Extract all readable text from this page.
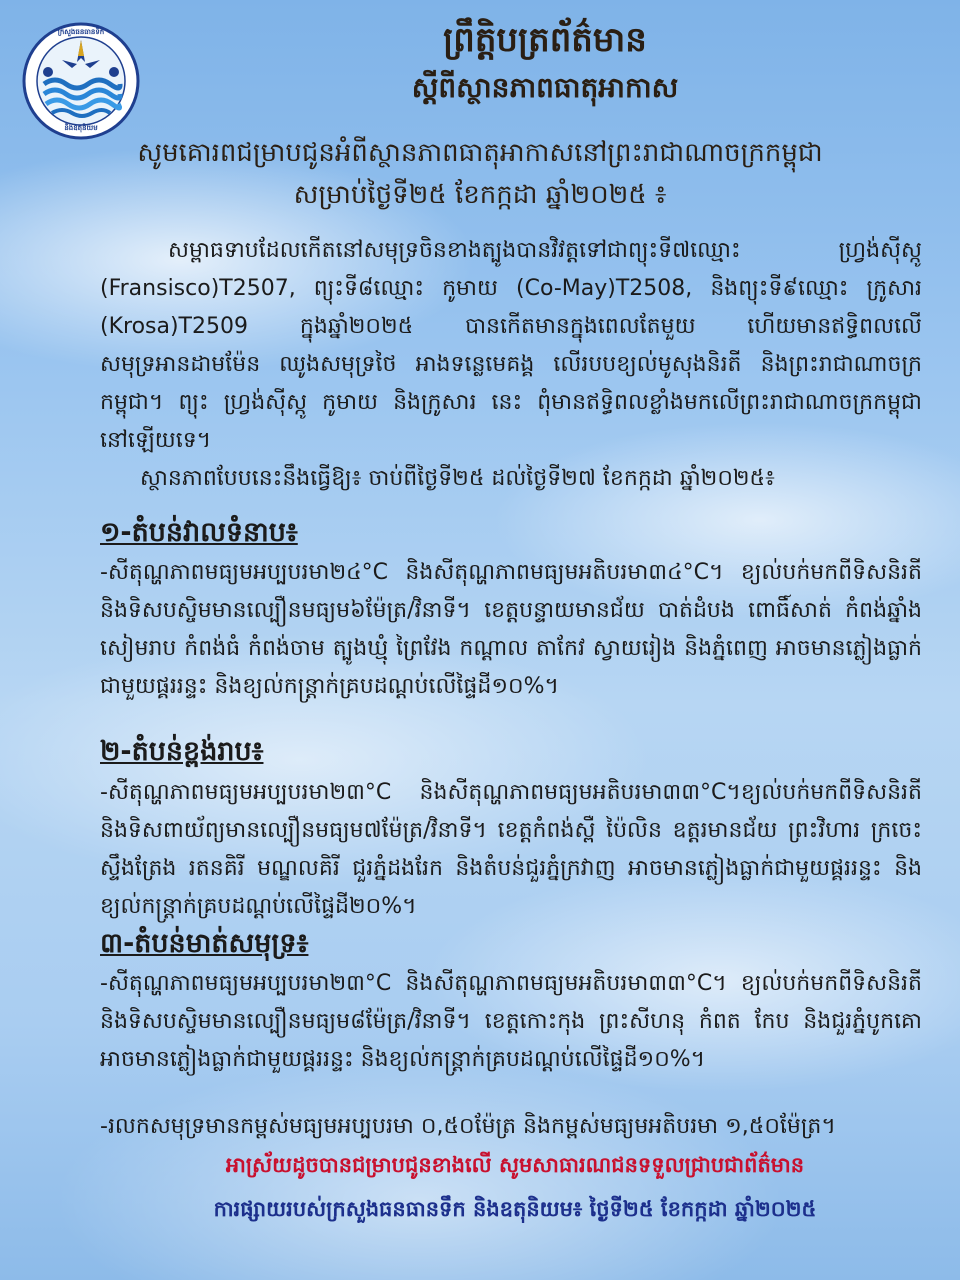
ក្រសួងធនធានទឹក
និងឧតុនិយម
ព្រឹត្តិបត្រព័ត៌មាន
ស្តីពីស្ថានភាពធាតុអាកាស
សូមគោរពជម្រាបជូនអំពីស្ថានភាពធាតុអាកាសនៅព្រះរាជាណាចក្រកម្ពុជា
សម្រាប់ថ្ងៃទី២៥ ខែកក្កដា ឆ្នាំ២០២៥ ៖
សម្ពាធទាបដែលកើតនៅសមុទ្រចិនខាងត្បូងបានវិវត្តទៅជាព្យុះទី៧ឈ្មោះ ហ្វ្រង់ស៊ីស្កូ (Fransisco)T2507, ព្យុះទី៨ឈ្មោះ កូមាយ (Co-May)T2508, និងព្យុះទី៩ឈ្មោះ ក្រូសារ (Krosa)T2509 ក្នុងឆ្នាំ២០២៥ បានកើតមានក្នុងពេលតែមួយ ហើយមានឥទ្ធិពលលើសមុទ្រអានដាមម៉ែន ឈូងសមុទ្រថៃ អាងទន្លេមេគង្គ លើរបបខ្យល់មូសុងនិរតី និងព្រះរាជាណាចក្រកម្ពុជា។ ព្យុះ ហ្វ្រង់ស៊ីស្កូ កូមាយ និងក្រូសារ នេះ ពុំមានឥទ្ធិពលខ្លាំងមកលើព្រះរាជាណាចក្រកម្ពុជានៅឡើយទេ។
ស្ថានភាពបែបនេះនឹងធ្វើឱ្យ៖ ចាប់ពីថ្ងៃទី២៥ ដល់ថ្ងៃទី២៧ ខែកក្កដា ឆ្នាំ២០២៥៖
១-តំបន់វាលទំនាប៖
-សីតុណ្ហភាពមធ្យមអប្បបរមា២៤°C និងសីតុណ្ហភាពមធ្យមអតិបរមា៣៤°C។ ខ្យល់បក់មកពីទិសនិរតី និងទិសបស្ចិមមានល្បឿនមធ្យម៦ម៉ែត្រ/វិនាទី។ ខេត្តបន្ទាយមានជ័យ បាត់ដំបង ពោធិ៍សាត់ កំពង់ឆ្នាំង សៀមរាប កំពង់ធំ កំពង់ចាម ត្បូងឃ្មុំ ព្រៃវែង កណ្តាល តាកែវ ស្វាយរៀង និងភ្នំពេញ អាចមានភ្លៀងធ្លាក់ជាមួយផ្គររន្ទះ និងខ្យល់កន្ត្រាក់គ្របដណ្តប់លើផ្ទៃដី១០%។
២-តំបន់ខ្ពង់រាប៖
-សីតុណ្ហភាពមធ្យមអប្បបរមា២៣°C និងសីតុណ្ហភាពមធ្យមអតិបរមា៣៣°C។ខ្យល់បក់មកពីទិសនិរតី និងទិសពាយ័ព្យមានល្បឿនមធ្យម៧ម៉ែត្រ/វិនាទី។ ខេត្តកំពង់ស្ពឺ ប៉ៃលិន ឧត្តរមានជ័យ ព្រះវិហារ ក្រចេះ ស្ទឹងត្រែង រតនគិរី មណ្ឌលគិរី ជួរភ្នំដងរែក និងតំបន់ជួរភ្នំក្រវាញ អាចមានភ្លៀងធ្លាក់ជាមួយផ្គររន្ទះ និងខ្យល់កន្ត្រាក់គ្របដណ្តប់លើផ្ទៃដី២០%។
៣-តំបន់មាត់សមុទ្រ៖
-សីតុណ្ហភាពមធ្យមអប្បបរមា២៣°C និងសីតុណ្ហភាពមធ្យមអតិបរមា៣៣°C។ ខ្យល់បក់មកពីទិសនិរតី និងទិសបស្ចិមមានល្បឿនមធ្យម៨ម៉ែត្រ/វិនាទី។ ខេត្តកោះកុង ព្រះសីហនុ កំពត កែប និងជួរភ្នំបូកគោ អាចមានភ្លៀងធ្លាក់ជាមួយផ្គររន្ទះ និងខ្យល់កន្ត្រាក់គ្របដណ្តប់លើផ្ទៃដី១០%។
-រលកសមុទ្រមានកម្ពស់មធ្យមអប្បបរមា ០,៥០ម៉ែត្រ និងកម្ពស់មធ្យមអតិបរមា ១,៥០ម៉ែត្រ។
អាស្រ័យដូចបានជម្រាបជូនខាងលើ សូមសាធារណជនទទួលជ្រាបជាព័ត៌មាន
ការផ្សាយរបស់ក្រសួងធនធានទឹក និងឧតុនិយម៖ ថ្ងៃទី២៥ ខែកក្កដា ឆ្នាំ២០២៥
